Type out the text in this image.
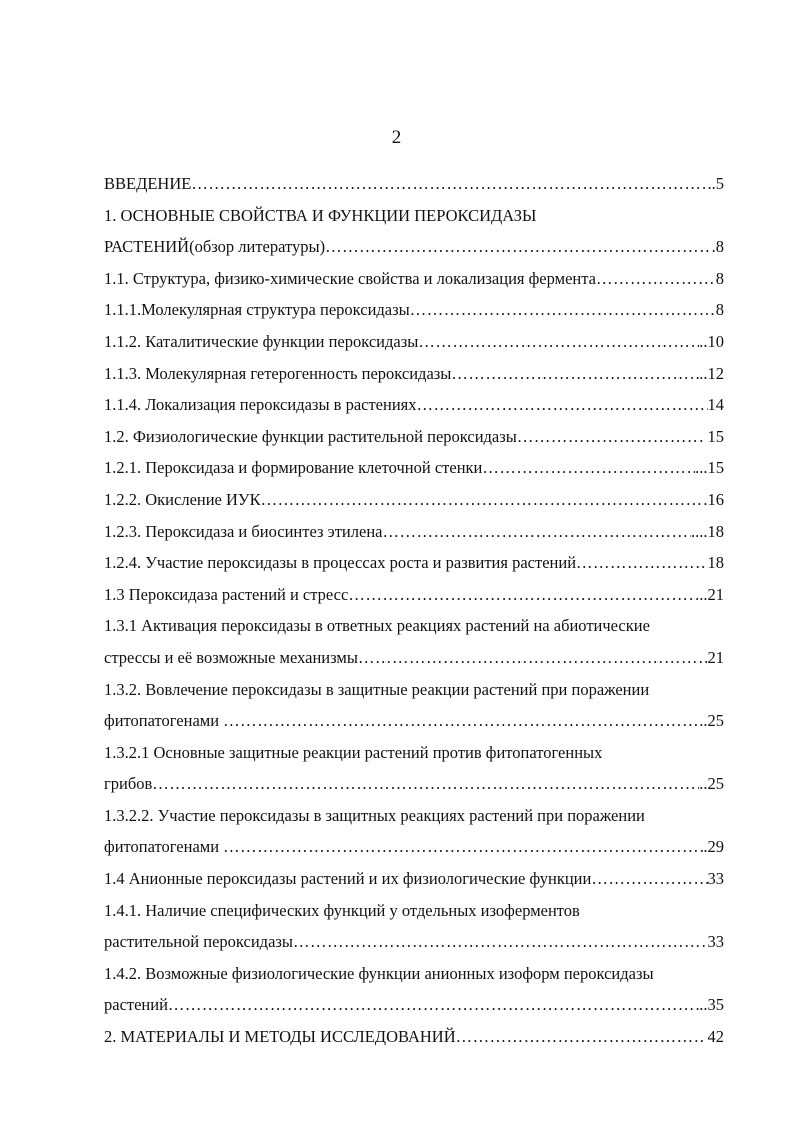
2
ВВЕДЕНИЕ ……………………………………………………………………………………………………………………………………………………	.5
1. ОСНОВНЫЕ СВОЙСТВА И ФУНКЦИИ ПЕРОКСИДАЗЫ
РАСТЕНИЙ(обзор литературы) ……………………………………………………………………………………………………………………………………………………	.8
1.1. Структура, физико-химические свойства и локализация фермента ……………………………………………………………………………………………………………………………………………………	8
1.1.1.Молекулярная структура пероксидазы ……………………………………………………………………………………………………………………………………………………	8
1.1.2. Каталитические функции пероксидазы ……………………………………………………………………………………………………………………………………………………	..10
1.1.3. Молекулярная гетерогенность пероксидазы ……………………………………………………………………………………………………………………………………………………	..12
1.1.4. Локализация пероксидазы в растениях ……………………………………………………………………………………………………………………………………………………	14
1.2. Физиологические функции растительной пероксидазы ……………………………………………………………………………………………………………………………………………………	. 15
1.2.1. Пероксидаза и формирование клеточной стенки ……………………………………………………………………………………………………………………………………………………	...15
1.2.2. Окисление ИУК ……………………………………………………………………………………………………………………………………………………	.16
1.2.3. Пероксидаза и биосинтез этилена ……………………………………………………………………………………………………………………………………………………	....18
1.2.4. Участие пероксидазы в процессах роста и развития растений ……………………………………………………………………………………………………………………………………………………	18
1.3 Пероксидаза растений и стресс ……………………………………………………………………………………………………………………………………………………	...21
1.3.1 Активация пероксидазы в ответных реакциях растений на абиотические
стрессы и её возможные механизмы ……………………………………………………………………………………………………………………………………………………	21
1.3.2. Вовлечение пероксидазы в защитные реакции растений при поражении
фитопатогенами ……………………………………………………………………………………………………………………………………………………	..25
1.3.2.1 Основные защитные реакции растений против фитопатогенных
грибов ……………………………………………………………………………………………………………………………………………………	..25
1.3.2.2. Участие пероксидазы в защитных реакциях растений при поражении
фитопатогенами ……………………………………………………………………………………………………………………………………………………	.29
1.4 Анионные пероксидазы растений и их физиологические функции ……………………………………………………………………………………………………………………………………………………	33
1.4.1. Наличие специфических функций у отдельных изоферментов
растительной пероксидазы ……………………………………………………………………………………………………………………………………………………	33
1.4.2. Возможные физиологические функции анионных изоформ пероксидазы
растений ……………………………………………………………………………………………………………………………………………………	..35
2. МАТЕРИАЛЫ И МЕТОДЫ ИССЛЕДОВАНИЙ ……………………………………………………………………………………………………………………………………………………	42
